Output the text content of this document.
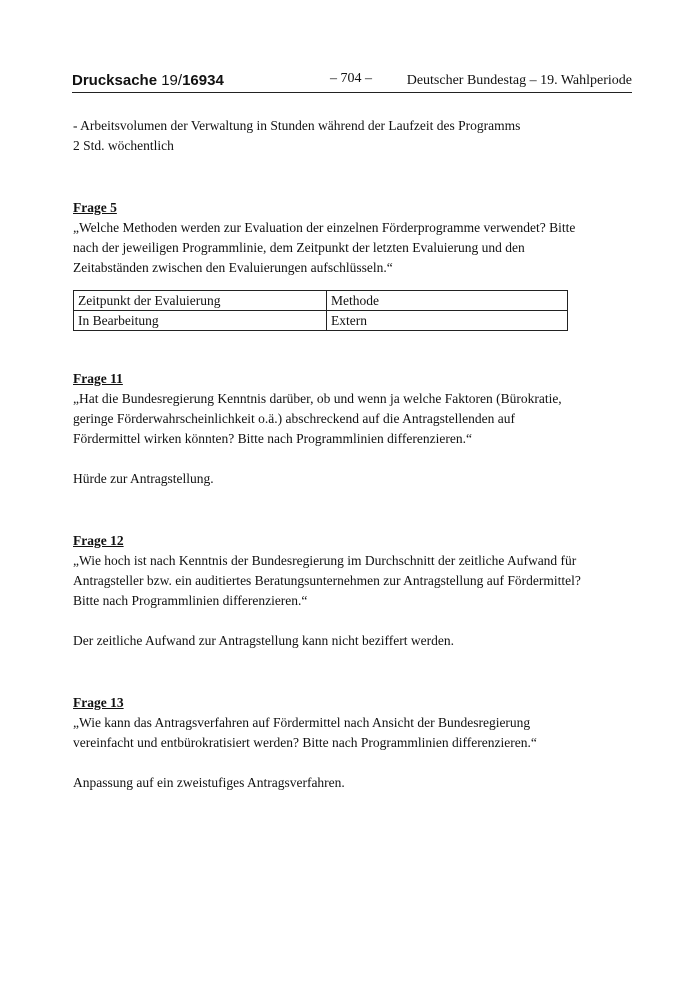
Drucksache 19/16934	– 704 – Deutscher Bundestag – 19. Wahlperiode

- Arbeitsvolumen der Verwaltung in Stunden während der Laufzeit des Programms

2 Std. wöchentlich

Frage 5

„Welche Methoden werden zur Evaluation der einzelnen Förderprogramme verwendet? Bitte nach der jeweiligen Programmlinie, dem Zeitpunkt der letzten Evaluierung und den Zeitabständen zwischen den Evaluierungen aufschlüsseln.“

Zeitpunkt der Evaluierung	Methode
In Bearbeitung	Extern

Frage 11

„Hat die Bundesregierung Kenntnis darüber, ob und wenn ja welche Faktoren (Bürokratie, geringe Förderwahrscheinlichkeit o.ä.) abschreckend auf die Antragstellenden auf Fördermittel wirken könnten? Bitte nach Programmlinien differenzieren.“

Hürde zur Antragstellung.

Frage 12

„Wie hoch ist nach Kenntnis der Bundesregierung im Durchschnitt der zeitliche Aufwand für Antragsteller bzw. ein auditiertes Beratungsunternehmen zur Antragstellung auf Fördermittel? Bitte nach Programmlinien differenzieren.“

Der zeitliche Aufwand zur Antragstellung kann nicht beziffert werden.

Frage 13

„Wie kann das Antragsverfahren auf Fördermittel nach Ansicht der Bundesregierung vereinfacht und entbürokratisiert werden? Bitte nach Programmlinien differenzieren.“

Anpassung auf ein zweistufiges Antragsverfahren.
